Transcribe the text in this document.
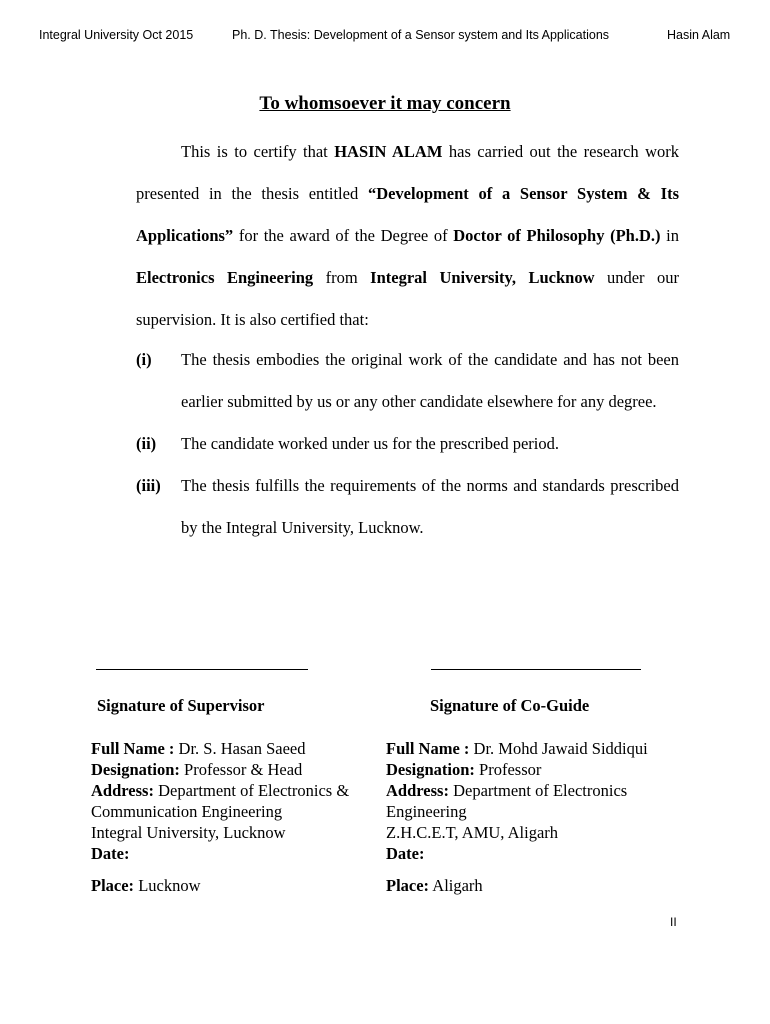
Integral University Oct 2015	Ph. D. Thesis: Development of a Sensor system and Its Applications	Hasin Alam
To whomsoever it may concern

This is to certify that HASIN ALAM has carried out the research work presented in the thesis entitled “Development of a Sensor System & Its Applications” for the award of the Degree of Doctor of Philosophy (Ph.D.) in Electronics Engineering from Integral University, Lucknow under our supervision. It is also certified that:

(i)	The thesis embodies the original work of the candidate and has not been earlier submitted by us or any other candidate elsewhere for any degree.
(ii)	The candidate worked under us for the prescribed period.
(iii)	The thesis fulfills the requirements of the norms and standards prescribed by the Integral University, Lucknow.
Signature of Supervisor	Signature of Co-Guide
Full Name : Dr. S. Hasan Saeed
Designation: Professor & Head
Address: Department of Electronics &
Communication Engineering
Integral University, Lucknow
Date:
Place: Lucknow
Full Name : Dr. Mohd Jawaid Siddiqui
Designation: Professor
Address: Department of Electronics
Engineering
Z.H.C.E.T, AMU, Aligarh
Date:
Place: Aligarh
II
